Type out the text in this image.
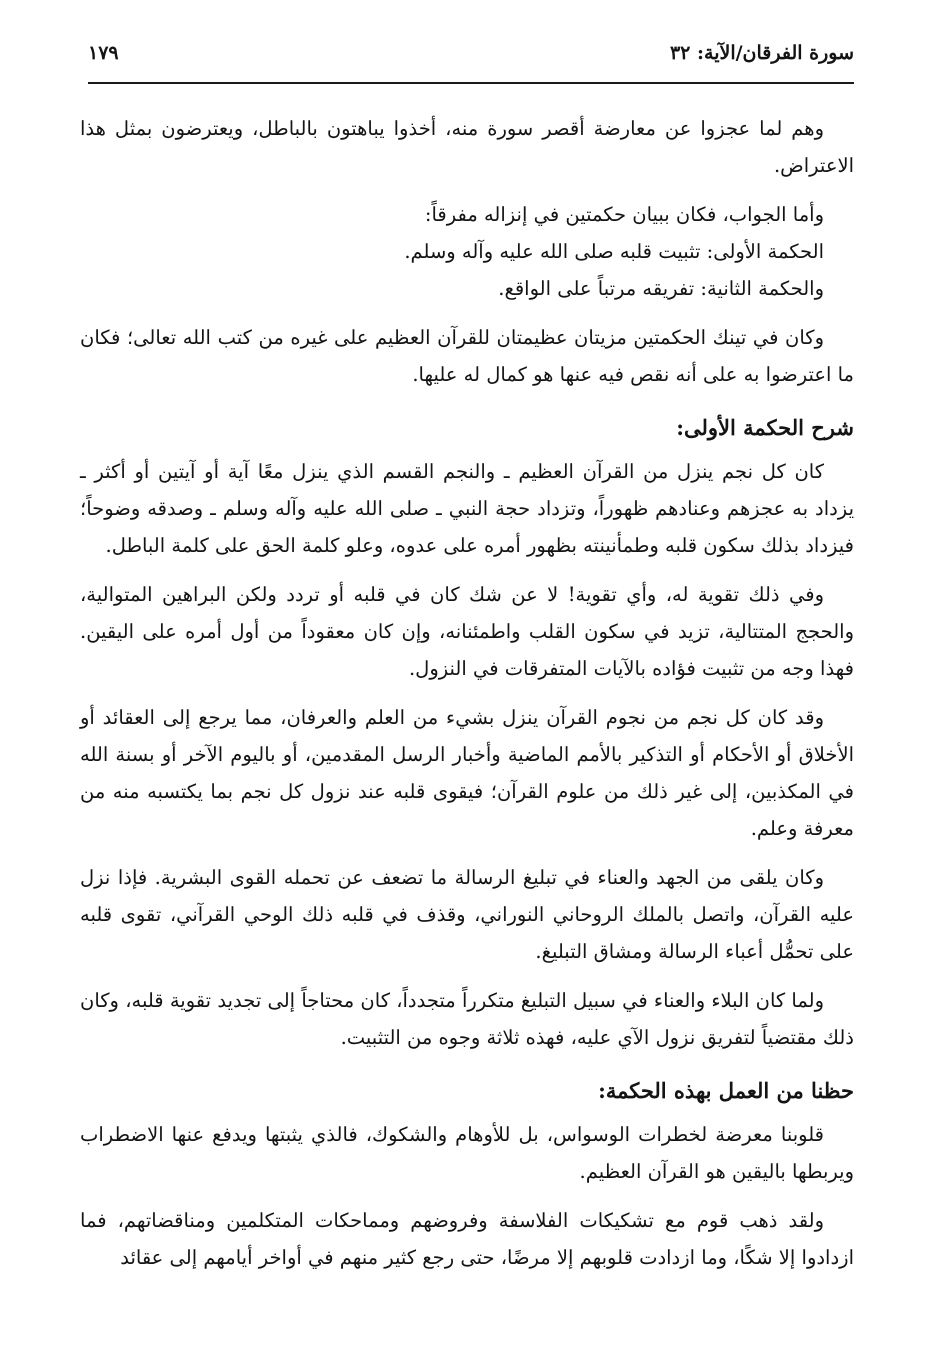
سورة الفرقان/الآية: ٣٢
١٧٩

وهم لما عجزوا عن معارضة أقصر سورة منه، أخذوا يباهتون بالباطل، ويعترضون بمثل هذا الاعتراض.

وأما الجواب، فكان ببيان حكمتين في إنزاله مفرقاً:

الحكمة الأولى: تثبيت قلبه صلى الله عليه وآله وسلم.

والحكمة الثانية: تفريقه مرتباً على الواقع.

وكان في تينك الحكمتين مزيتان عظيمتان للقرآن العظيم على غيره من كتب الله تعالى؛ فكان ما اعترضوا به على أنه نقص فيه عنها هو كمال له عليها.

شرح الحكمة الأولى:

كان كل نجم ينزل من القرآن العظيم ـ والنجم القسم الذي ينزل معًا آية أو آيتين أو أكثر ـ يزداد به عجزهم وعنادهم ظهوراً، وتزداد حجة النبي ـ صلى الله عليه وآله وسلم ـ وصدقه وضوحاً؛ فيزداد بذلك سكون قلبه وطمأنينته بظهور أمره على عدوه، وعلو كلمة الحق على كلمة الباطل.

وفي ذلك تقوية له، وأي تقوية! لا عن شك كان في قلبه أو تردد ولكن البراهين المتوالية، والحجج المتتالية، تزيد في سكون القلب واطمئنانه، وإن كان معقوداً من أول أمره على اليقين. فهذا وجه من تثبيت فؤاده بالآيات المتفرقات في النزول.

وقد كان كل نجم من نجوم القرآن ينزل بشيء من العلم والعرفان، مما يرجع إلى العقائد أو الأخلاق أو الأحكام أو التذكير بالأمم الماضية وأخبار الرسل المقدمين، أو باليوم الآخر أو بسنة الله في المكذبين، إلى غير ذلك من علوم القرآن؛ فيقوى قلبه عند نزول كل نجم بما يكتسبه منه من معرفة وعلم.

وكان يلقى من الجهد والعناء في تبليغ الرسالة ما تضعف عن تحمله القوى البشرية. فإذا نزل عليه القرآن، واتصل بالملك الروحاني النوراني، وقذف في قلبه ذلك الوحي القرآني، تقوى قلبه على تحمُّل أعباء الرسالة ومشاق التبليغ.

ولما كان البلاء والعناء في سبيل التبليغ متكرراً متجدداً، كان محتاجاً إلى تجديد تقوية قلبه، وكان ذلك مقتضياً لتفريق نزول الآي عليه، فهذه ثلاثة وجوه من التثبيت.

حظنا من العمل بهذه الحكمة:

قلوبنا معرضة لخطرات الوسواس، بل للأوهام والشكوك، فالذي يثبتها ويدفع عنها الاضطراب ويربطها باليقين هو القرآن العظيم.

ولقد ذهب قوم مع تشكيكات الفلاسفة وفروضهم ومماحكات المتكلمين ومناقضاتهم، فما ازدادوا إلا شكًا، وما ازدادت قلوبهم إلا مرضًا، حتى رجع كثير منهم في أواخر أيامهم إلى عقائد
